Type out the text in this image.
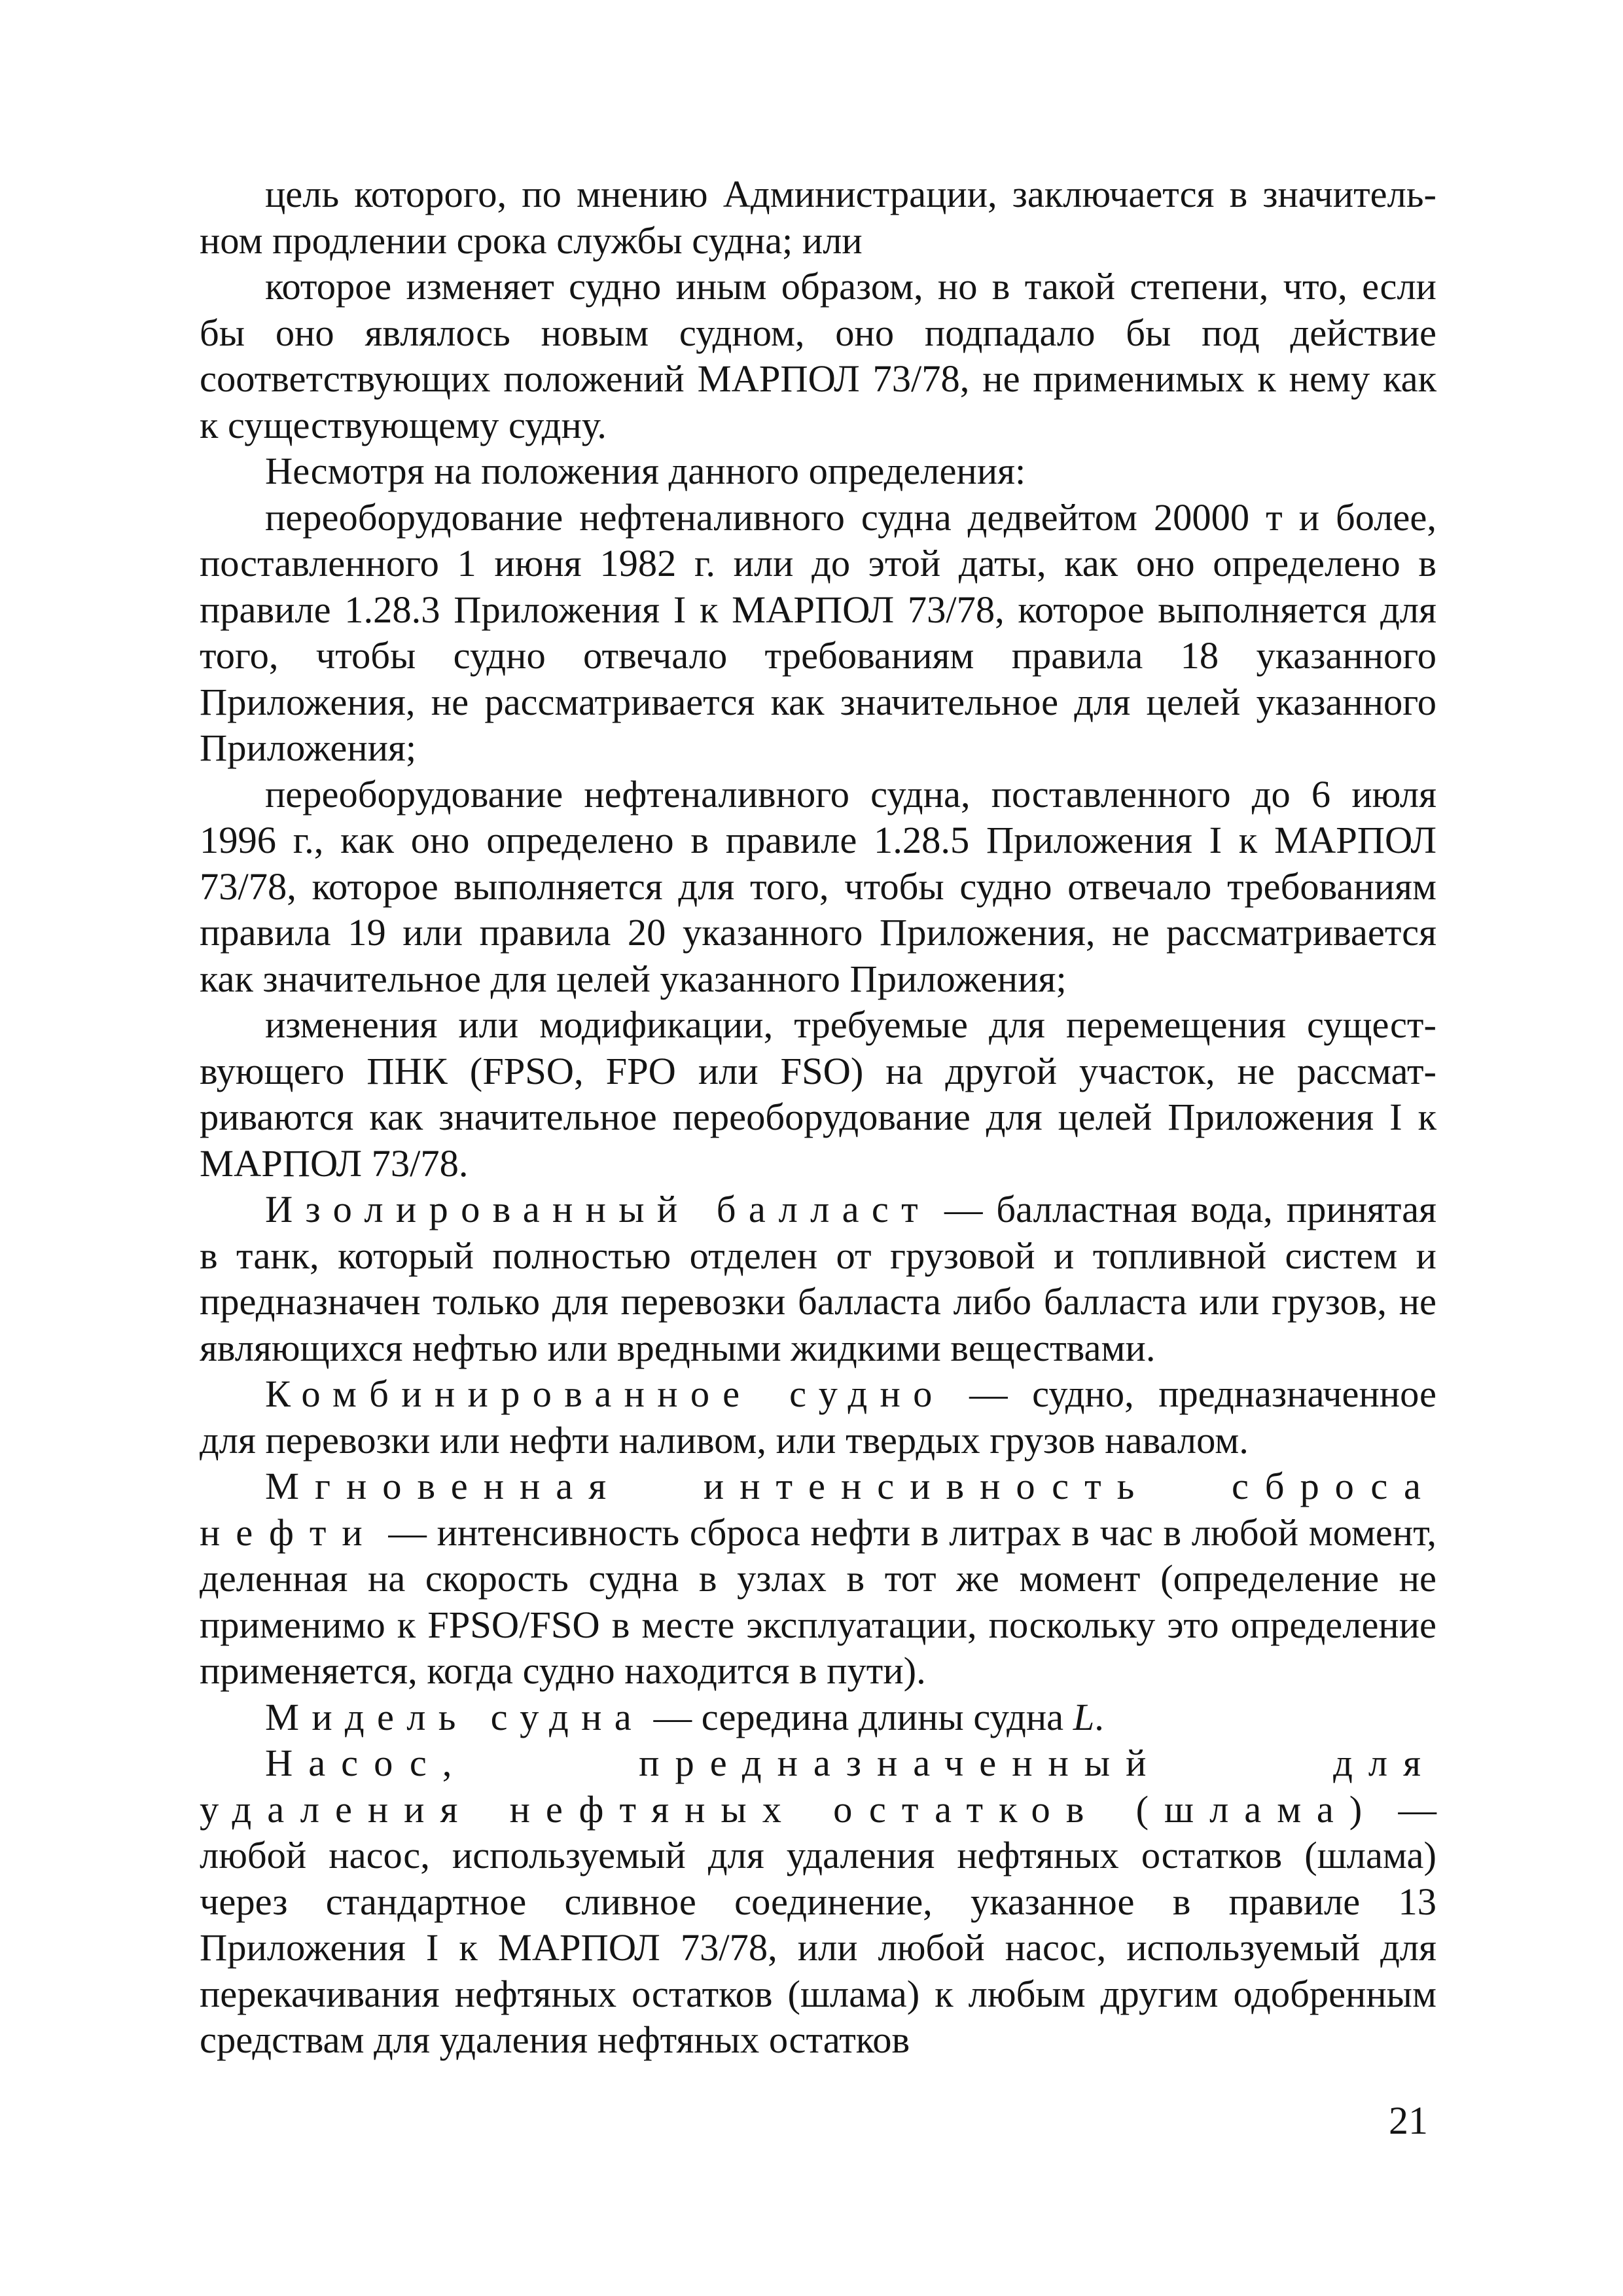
цель которого, по мнению Администрации, заключается в значительном продлении срока службы судна; или

которое изменяет судно иным образом, но в такой степени, что, если бы оно являлось новым судном, оно подпадало бы под действие соответствующих положений МАРПОЛ 73/78, не применимых к нему как к существующему судну.

Несмотря на положения данного определения:

переоборудование нефтеналивного судна дедвейтом 20000 т и более, поставленного 1 июня 1982 г. или до этой даты, как оно определено в правиле 1.28.3 Приложения I к МАРПОЛ 73/78, которое выполняется для того, чтобы судно отвечало требованиям правила 18 указанного Приложения, не рассматривается как значительное для целей указанного Приложения;

переоборудование нефтеналивного судна, поставленного до 6 июля 1996 г., как оно определено в правиле 1.28.5 Приложения I к МАРПОЛ 73/78, которое выполняется для того, чтобы судно отвечало требованиям правила 19 или правила 20 указанного Приложения, не рассматривается как значительное для целей указанного Приложения;

изменения или модификации, требуемые для перемещения существующего ПНК (FPSO, FPO или FSO) на другой участок, не рассматриваются как значительное переоборудование для целей Приложения I к МАРПОЛ 73/78.

Изолированный балласт — балластная вода, принятая в танк, который полностью отделен от грузовой и топливной систем и предназначен только для перевозки балласта либо балласта или грузов, не являющихся нефтью или вредными жидкими веществами.

Комбинированное судно — судно, предназначенное для перевозки или нефти наливом, или твердых грузов навалом.

Мгновенная интенсивность сброса нефти — интенсивность сброса нефти в литрах в час в любой момент, деленная на скорость судна в узлах в тот же момент (определение не применимо к FPSO/FSO в месте эксплуатации, поскольку это определение применяется, когда судно находится в пути).

Мидель судна — середина длины судна L.

Насос, предназначенный для удаления нефтяных остатков (шлама) — любой насос, используемый для удаления нефтяных остатков (шлама) через стандартное сливное соединение, указанное в правиле 13 Приложения I к МАРПОЛ 73/78, или любой насос, используемый для перекачивания нефтяных остатков (шлама) к любым другим одобренным средствам для удаления нефтяных остатков

21
